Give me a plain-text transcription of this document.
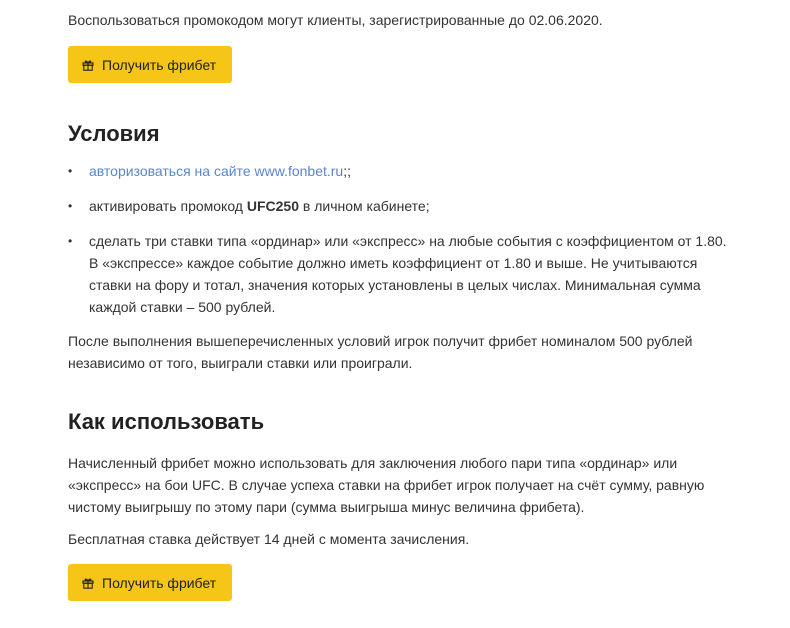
Воспользоваться промокодом могут клиенты, зарегистрированные до 02.06.2020.

Получить фрибет
Условия
• авторизоваться на сайте www.fonbet.ru;;
• активировать промокод UFC250 в личном кабинете;
• сделать три ставки типа «ординар» или «экспресс» на любые события с коэффициентом от 1.80.
В «экспрессе» каждое событие должно иметь коэффициент от 1.80 и выше. Не учитываются
ставки на фору и тотал, значения которых установлены в целых числах. Минимальная сумма
каждой ставки – 500 рублей.

После выполнения вышеперечисленных условий игрок получит фрибет номиналом 500 рублей
независимо от того, выиграли ставки или проиграли.

Как использовать

Начисленный фрибет можно использовать для заключения любого пари типа «ординар» или
«экспресс» на бои UFC. В случае успеха ставки на фрибет игрок получает на счёт сумму, равную
чистому выигрышу по этому пари (сумма выигрыша минус величина фрибета).

Бесплатная ставка действует 14 дней с момента зачисления.

Получить фрибет
